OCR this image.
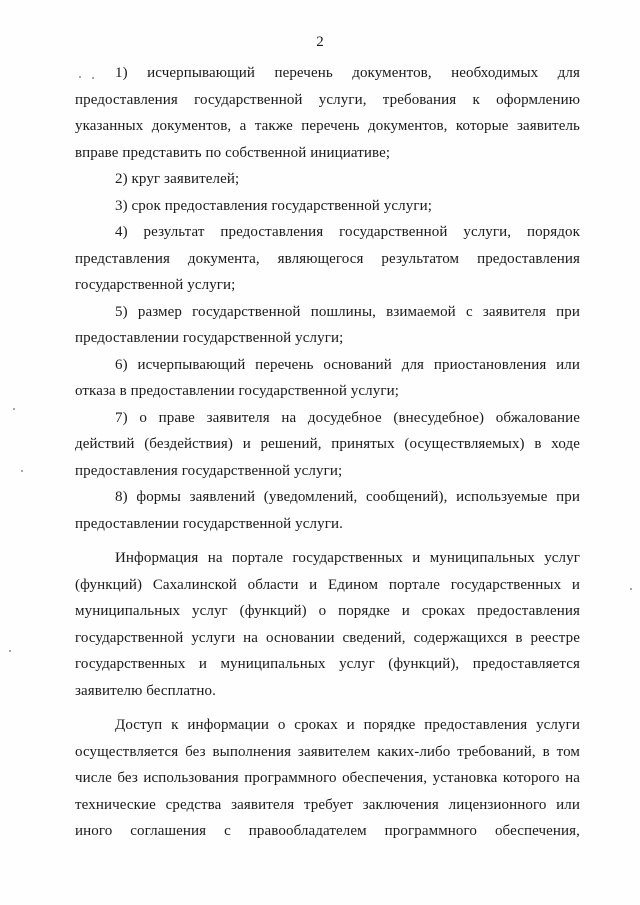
2

1) исчерпывающий перечень документов, необходимых для предоставления государственной услуги, требования к оформлению указанных документов, а также перечень документов, которые заявитель вправе представить по собственной инициативе;

2) круг заявителей;

3) срок предоставления государственной услуги;

4) результат предоставления государственной услуги, порядок представления документа, являющегося результатом предоставления государственной услуги;

5) размер государственной пошлины, взимаемой с заявителя при предоставлении государственной услуги;

6) исчерпывающий перечень оснований для приостановления или отказа в предоставлении государственной услуги;

7) о праве заявителя на досудебное (внесудебное) обжалование действий (бездействия) и решений, принятых (осуществляемых) в ходе предоставления государственной услуги;

8) формы заявлений (уведомлений, сообщений), используемые при предоставлении государственной услуги.

Информация на портале государственных и муниципальных услуг (функций) Сахалинской области и Едином портале государственных и муниципальных услуг (функций) о порядке и сроках предоставления государственной услуги на основании сведений, содержащихся в реестре государственных и муниципальных услуг (функций), предоставляется заявителю бесплатно.

Доступ к информации о сроках и порядке предоставления услуги осуществляется без выполнения заявителем каких-либо требований, в том числе без использования программного обеспечения, установка которого на технические средства заявителя требует заключения лицензионного или иного соглашения с правообладателем программного обеспечения,
